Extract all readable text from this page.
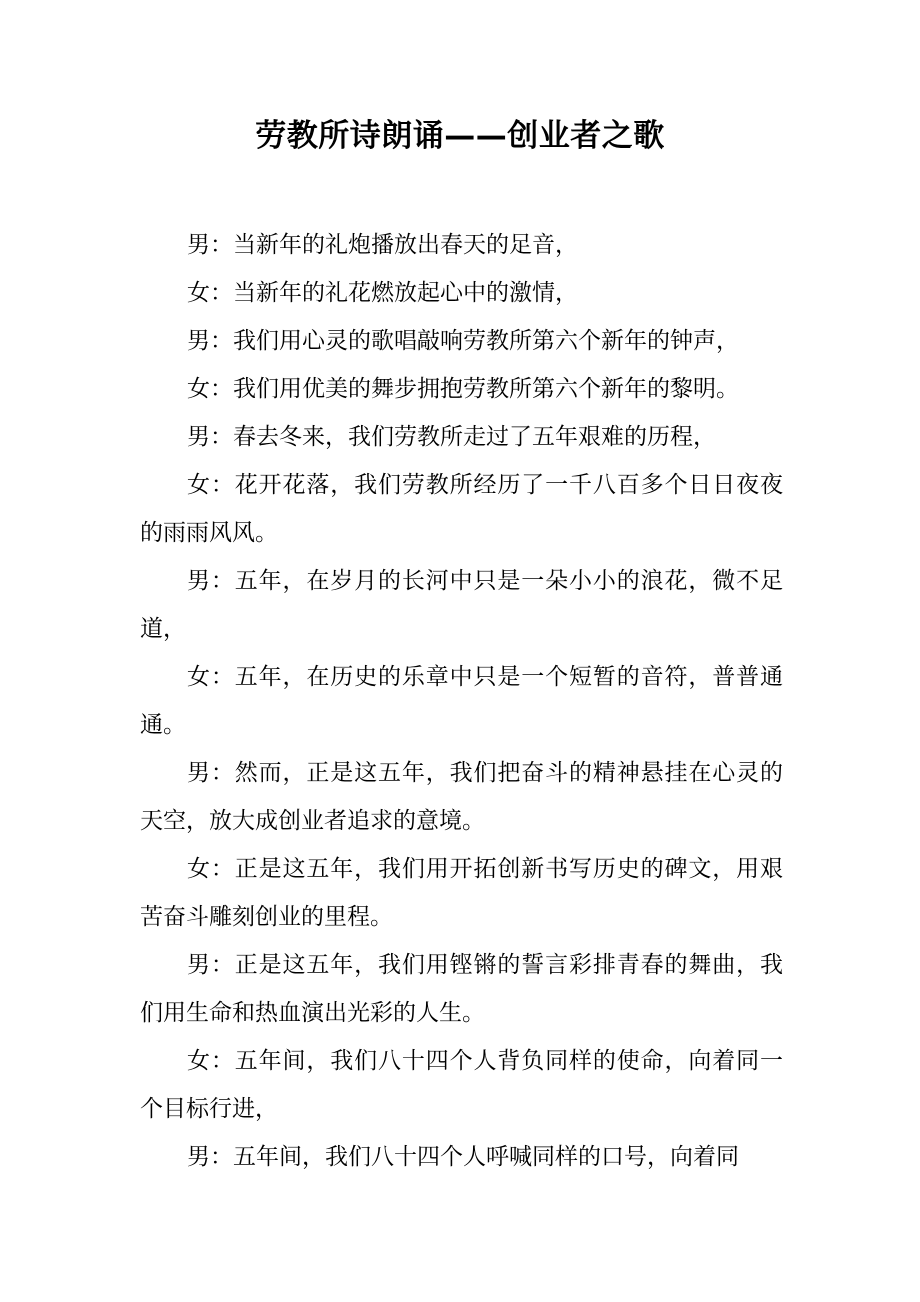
劳教所诗朗诵——创业者之歌

男：当新年的礼炮播放出春天的足音，

女：当新年的礼花燃放起心中的激情，

男：我们用心灵的歌唱敲响劳教所第六个新年的钟声，

女：我们用优美的舞步拥抱劳教所第六个新年的黎明。

男：春去冬来，我们劳教所走过了五年艰难的历程，

女：花开花落，我们劳教所经历了一千八百多个日日夜夜的雨雨风风。

男：五年，在岁月的长河中只是一朵小小的浪花，微不足道，

女：五年，在历史的乐章中只是一个短暂的音符，普普通通。

男：然而，正是这五年，我们把奋斗的精神悬挂在心灵的天空，放大成创业者追求的意境。

女：正是这五年，我们用开拓创新书写历史的碑文，用艰苦奋斗雕刻创业的里程。

男：正是这五年，我们用铿锵的誓言彩排青春的舞曲，我们用生命和热血演出光彩的人生。

女：五年间，我们八十四个人背负同样的使命，向着同一个目标行进，

男：五年间，我们八十四个人呼喊同样的口号，向着同
